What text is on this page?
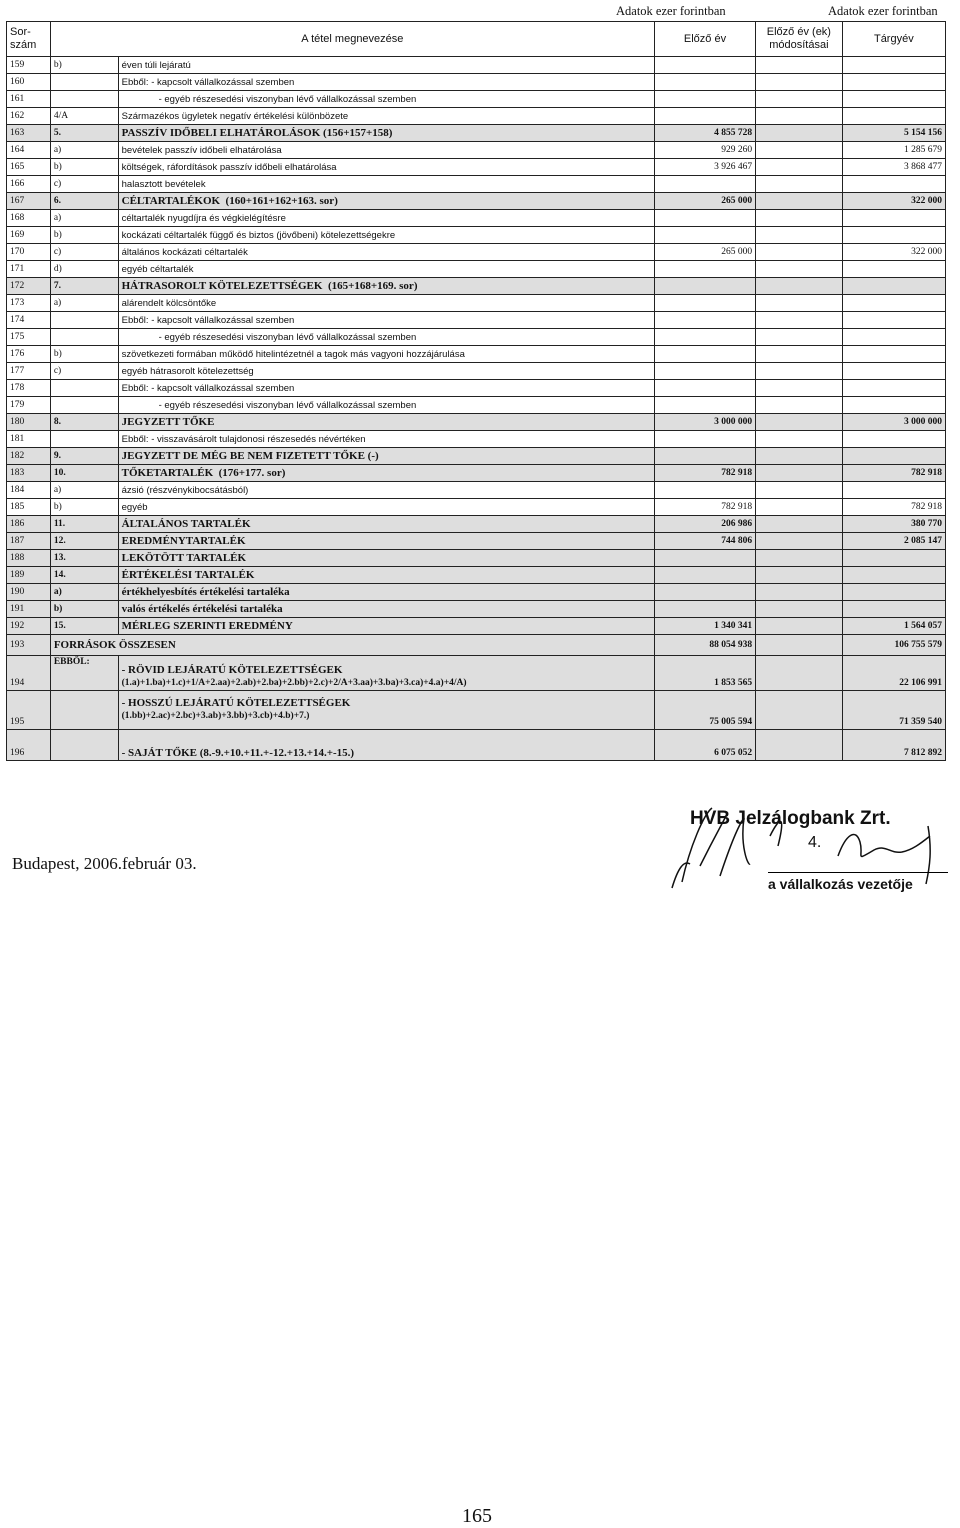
Adatok ezer forintban	Adatok ezer forintban
Sor-
szám	A tétel megnevezése		Előző év	Előző év (ek)
módosításai	Tárgyév
159	b)	éven túli lejáratú			
160		Ebből: - kapcsolt vállalkozással szemben			
161		- egyéb részesedési viszonyban lévő vállalkozással szemben			
162	4/A	Származékos ügyletek negatív értékelési különbözete			
163	5.	PASSZÍV IDŐBELI ELHATÁROLÁSOK (156+157+158)	4 855 728		5 154 156
164	a)	bevételek passzív időbeli elhatárolása	929 260		1 285 679
165	b)	költségek, ráfordítások passzív időbeli elhatárolása	3 926 467		3 868 477
166	c)	halasztott bevételek			
167	6.	CÉLTARTALÉKOK  (160+161+162+163. sor)	265 000		322 000
168	a)	céltartalék nyugdíjra és végkielégítésre			
169	b)	kockázati céltartalék függő és biztos (jövőbeni) kötelezettségekre			
170	c)	általános kockázati céltartalék	265 000		322 000
171	d)	egyéb céltartalék			
172	7.	HÁTRASOROLT KÖTELEZETTSÉGEK  (165+168+169. sor)			
173	a)	alárendelt kölcsöntőke			
174		Ebből: - kapcsolt vállalkozással szemben			
175		- egyéb részesedési viszonyban lévő vállalkozással szemben			
176	b)	szövetkezeti formában működő hitelintézetnél a tagok más vagyoni hozzájárulása			
177	c)	egyéb hátrasorolt kötelezettség			
178		Ebből: - kapcsolt vállalkozással szemben			
179		- egyéb részesedési viszonyban lévő vállalkozással szemben			
180	8.	JEGYZETT TŐKE	3 000 000		3 000 000
181		Ebből: - visszavásárolt tulajdonosi részesedés névértéken			
182	9.	JEGYZETT DE MÉG BE NEM FIZETETT TŐKE (-)			
183	10.	TŐKETARTALÉK  (176+177. sor)	782 918		782 918
184	a)	ázsió (részvénykibocsátásból)			
185	b)	egyéb	782 918		782 918
186	11.	ÁLTALÁNOS TARTALÉK	206 986		380 770
187	12.	EREDMÉNYTARTALÉK	744 806		2 085 147
188	13.	LEKÖTÖTT TARTALÉK			
189	14.	ÉRTÉKELÉSI TARTALÉK			
190	a)	értékhelyesbítés értékelési tartaléka			
191	b)	valós értékelés értékelési tartaléka			
192	15.	MÉRLEG SZERINTI EREDMÉNY	1 340 341		1 564 057
193	FORRÁSOK ÖSSZESEN		88 054 938		106 755 579
194	EBBŐL:	- RÖVID LEJÁRATÚ KÖTELEZETTSÉGEK
(1.a)+1.ba)+1.c)+1/A+2.aa)+2.ab)+2.ba)+2.bb)+2.c)+2/A+3.aa)+3.ba)+3.ca)+4.a)+4/A)	1 853 565		22 106 991
195		- HOSSZÚ LEJÁRATÚ KÖTELEZETTSÉGEK
(1.bb)+2.ac)+2.bc)+3.ab)+3.bb)+3.cb)+4.b)+7.)	75 005 594		71 359 540
196		- SAJÁT TŐKE (8.-9.+10.+11.+-12.+13.+14.+-15.)	6 075 052		7 812 892
HVB Jelzálogbank Zrt.
4.
a vállalkozás vezetője
Budapest, 2006.február 03.
165
